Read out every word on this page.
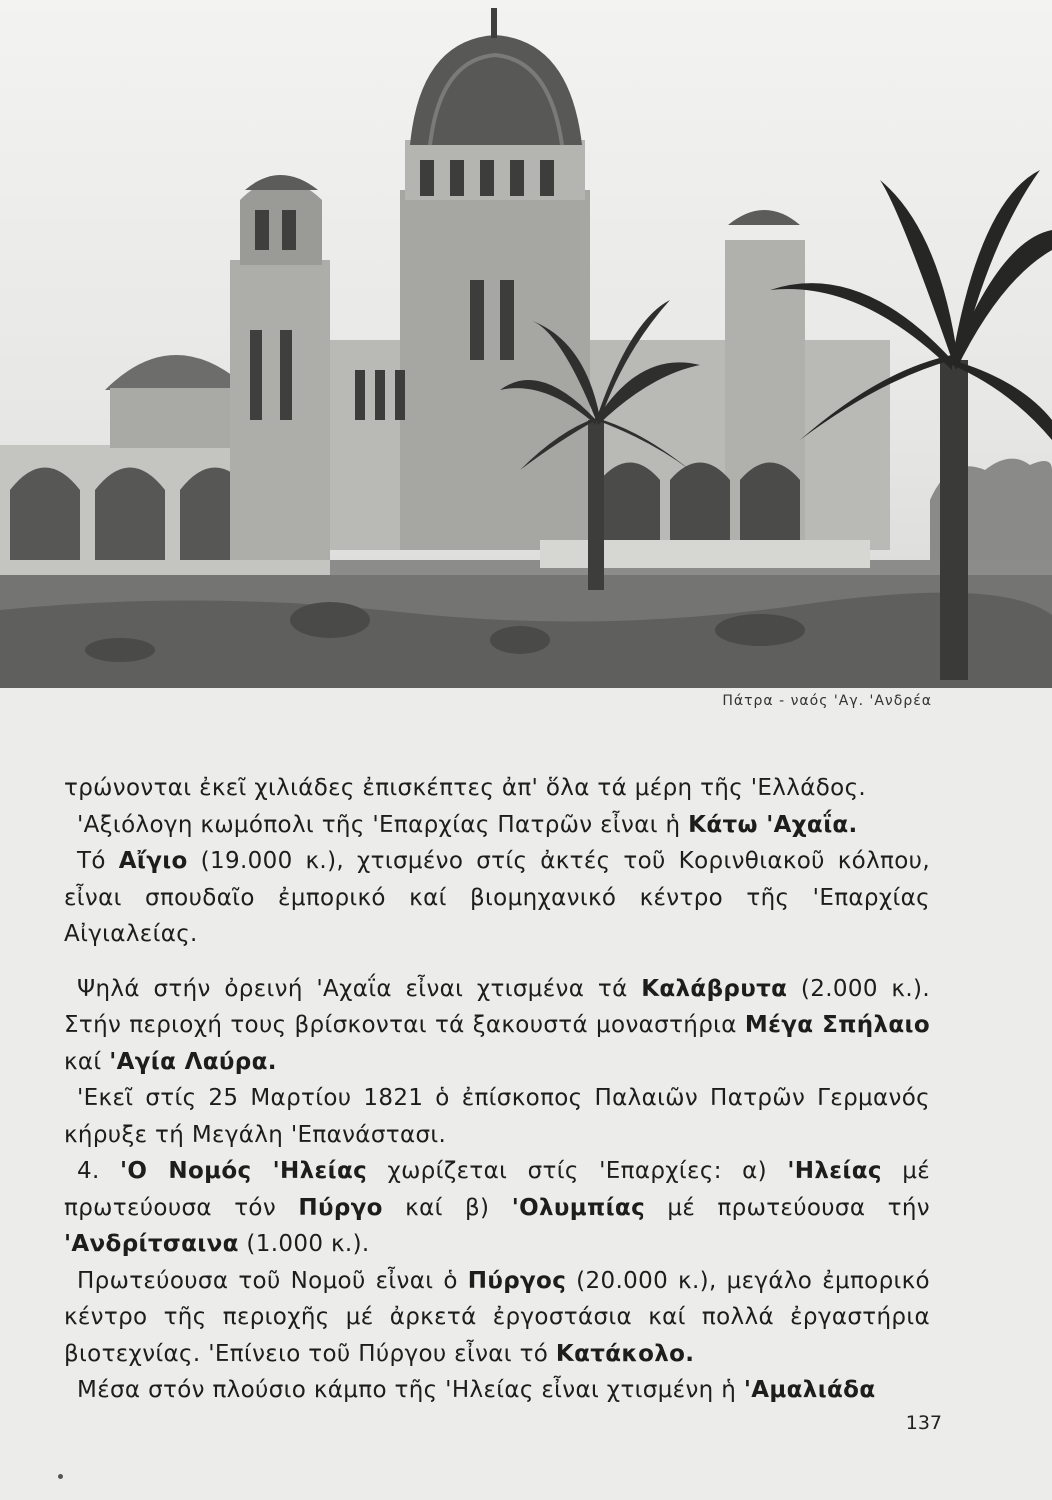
Πάτρα - ναός 'Αγ. 'Ανδρέα

τρώνονται ἐκεῖ χιλιάδες ἐπισκέπτες ἀπ' ὅλα τά μέρη τῆς 'Ελλάδος.

'Αξιόλογη κωμόπολι τῆς 'Επαρχίας Πατρῶν εἶναι ἡ Κάτω 'Αχαΐα.

Τό Αἴγιο (19.000 κ.), χτισμένο στίς ἀκτές τοῦ Κορινθιακοῦ κόλπου, εἶναι σπουδαῖο ἐμπορικό καί βιομηχανικό κέντρο τῆς 'Επαρχίας Αἰγιαλείας.

Ψηλά στήν ὀρεινή 'Αχαΐα εἶναι χτισμένα τά Καλάβρυτα (2.000 κ.). Στήν περιοχή τους βρίσκονται τά ξακουστά μοναστήρια Μέγα Σπήλαιο καί 'Αγία Λαύρα.

'Εκεῖ στίς 25 Μαρτίου 1821 ὁ ἐπίσκοπος Παλαιῶν Πατρῶν Γερμανός κήρυξε τή Μεγάλη 'Επανάστασι.

4. 'Ο Νομός 'Ηλείας χωρίζεται στίς 'Επαρχίες: α) 'Ηλείας μέ πρωτεύουσα τόν Πύργο καί β) 'Ολυμπίας μέ πρωτεύουσα τήν 'Ανδρίτσαινα (1.000 κ.).

Πρωτεύουσα τοῦ Νομοῦ εἶναι ὁ Πύργος (20.000 κ.), μεγάλο ἐμπορικό κέντρο τῆς περιοχῆς μέ ἀρκετά ἐργοστάσια καί πολλά ἐργαστήρια βιοτεχνίας. 'Επίνειο τοῦ Πύργου εἶναι τό Κατάκολο.

Μέσα στόν πλούσιο κάμπο τῆς 'Ηλείας εἶναι χτισμένη ἡ 'Αμαλιάδα

137
